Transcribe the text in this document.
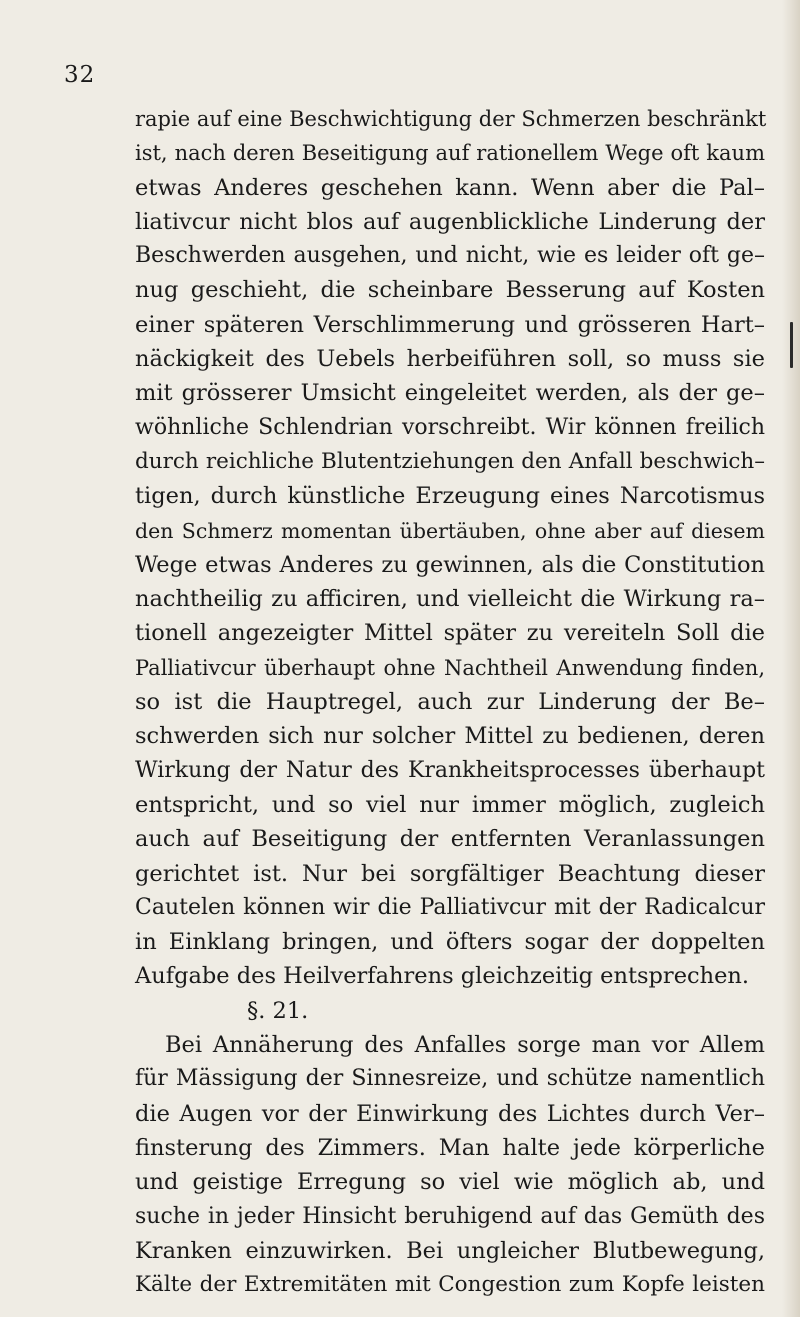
32
rapie auf eine Beschwichtigung der Schmerzen beschränkt
ist, nach deren Beseitigung auf rationellem Wege oft kaum
etwas Anderes geschehen kann. Wenn aber die Pal–
liativcur nicht blos auf augenblickliche Linderung der
Beschwerden ausgehen, und nicht, wie es leider oft ge–
nug geschieht, die scheinbare Besserung auf Kosten
einer späteren Verschlimmerung und grösseren Hart–
näckigkeit des Uebels herbeiführen soll, so muss sie
mit grösserer Umsicht eingeleitet werden, als der ge–
wöhnliche Schlendrian vorschreibt. Wir können freilich
durch reichliche Blutentziehungen den Anfall beschwich–
tigen, durch künstliche Erzeugung eines Narcotismus
den Schmerz momentan übertäuben, ohne aber auf diesem
Wege etwas Anderes zu gewinnen, als die Constitution
nachtheilig zu afficiren, und vielleicht die Wirkung ra–
tionell angezeigter Mittel später zu vereiteln Soll die
Palliativcur überhaupt ohne Nachtheil Anwendung finden,
so ist die Hauptregel, auch zur Linderung der Be–
schwerden sich nur solcher Mittel zu bedienen, deren
Wirkung der Natur des Krankheitsprocesses überhaupt
entspricht, und so viel nur immer möglich, zugleich
auch auf Beseitigung der entfernten Veranlassungen
gerichtet ist. Nur bei sorgfältiger Beachtung dieser
Cautelen können wir die Palliativcur mit der Radicalcur
in Einklang bringen, und öfters sogar der doppelten
Aufgabe des Heilverfahrens gleichzeitig entsprechen.
§. 21.
Bei Annäherung des Anfalles sorge man vor Allem
für Mässigung der Sinnesreize, und schütze namentlich
die Augen vor der Einwirkung des Lichtes durch Ver–
finsterung des Zimmers. Man halte jede körperliche
und geistige Erregung so viel wie möglich ab, und
suche in jeder Hinsicht beruhigend auf das Gemüth des
Kranken einzuwirken. Bei ungleicher Blutbewegung,
Kälte der Extremitäten mit Congestion zum Kopfe leisten
